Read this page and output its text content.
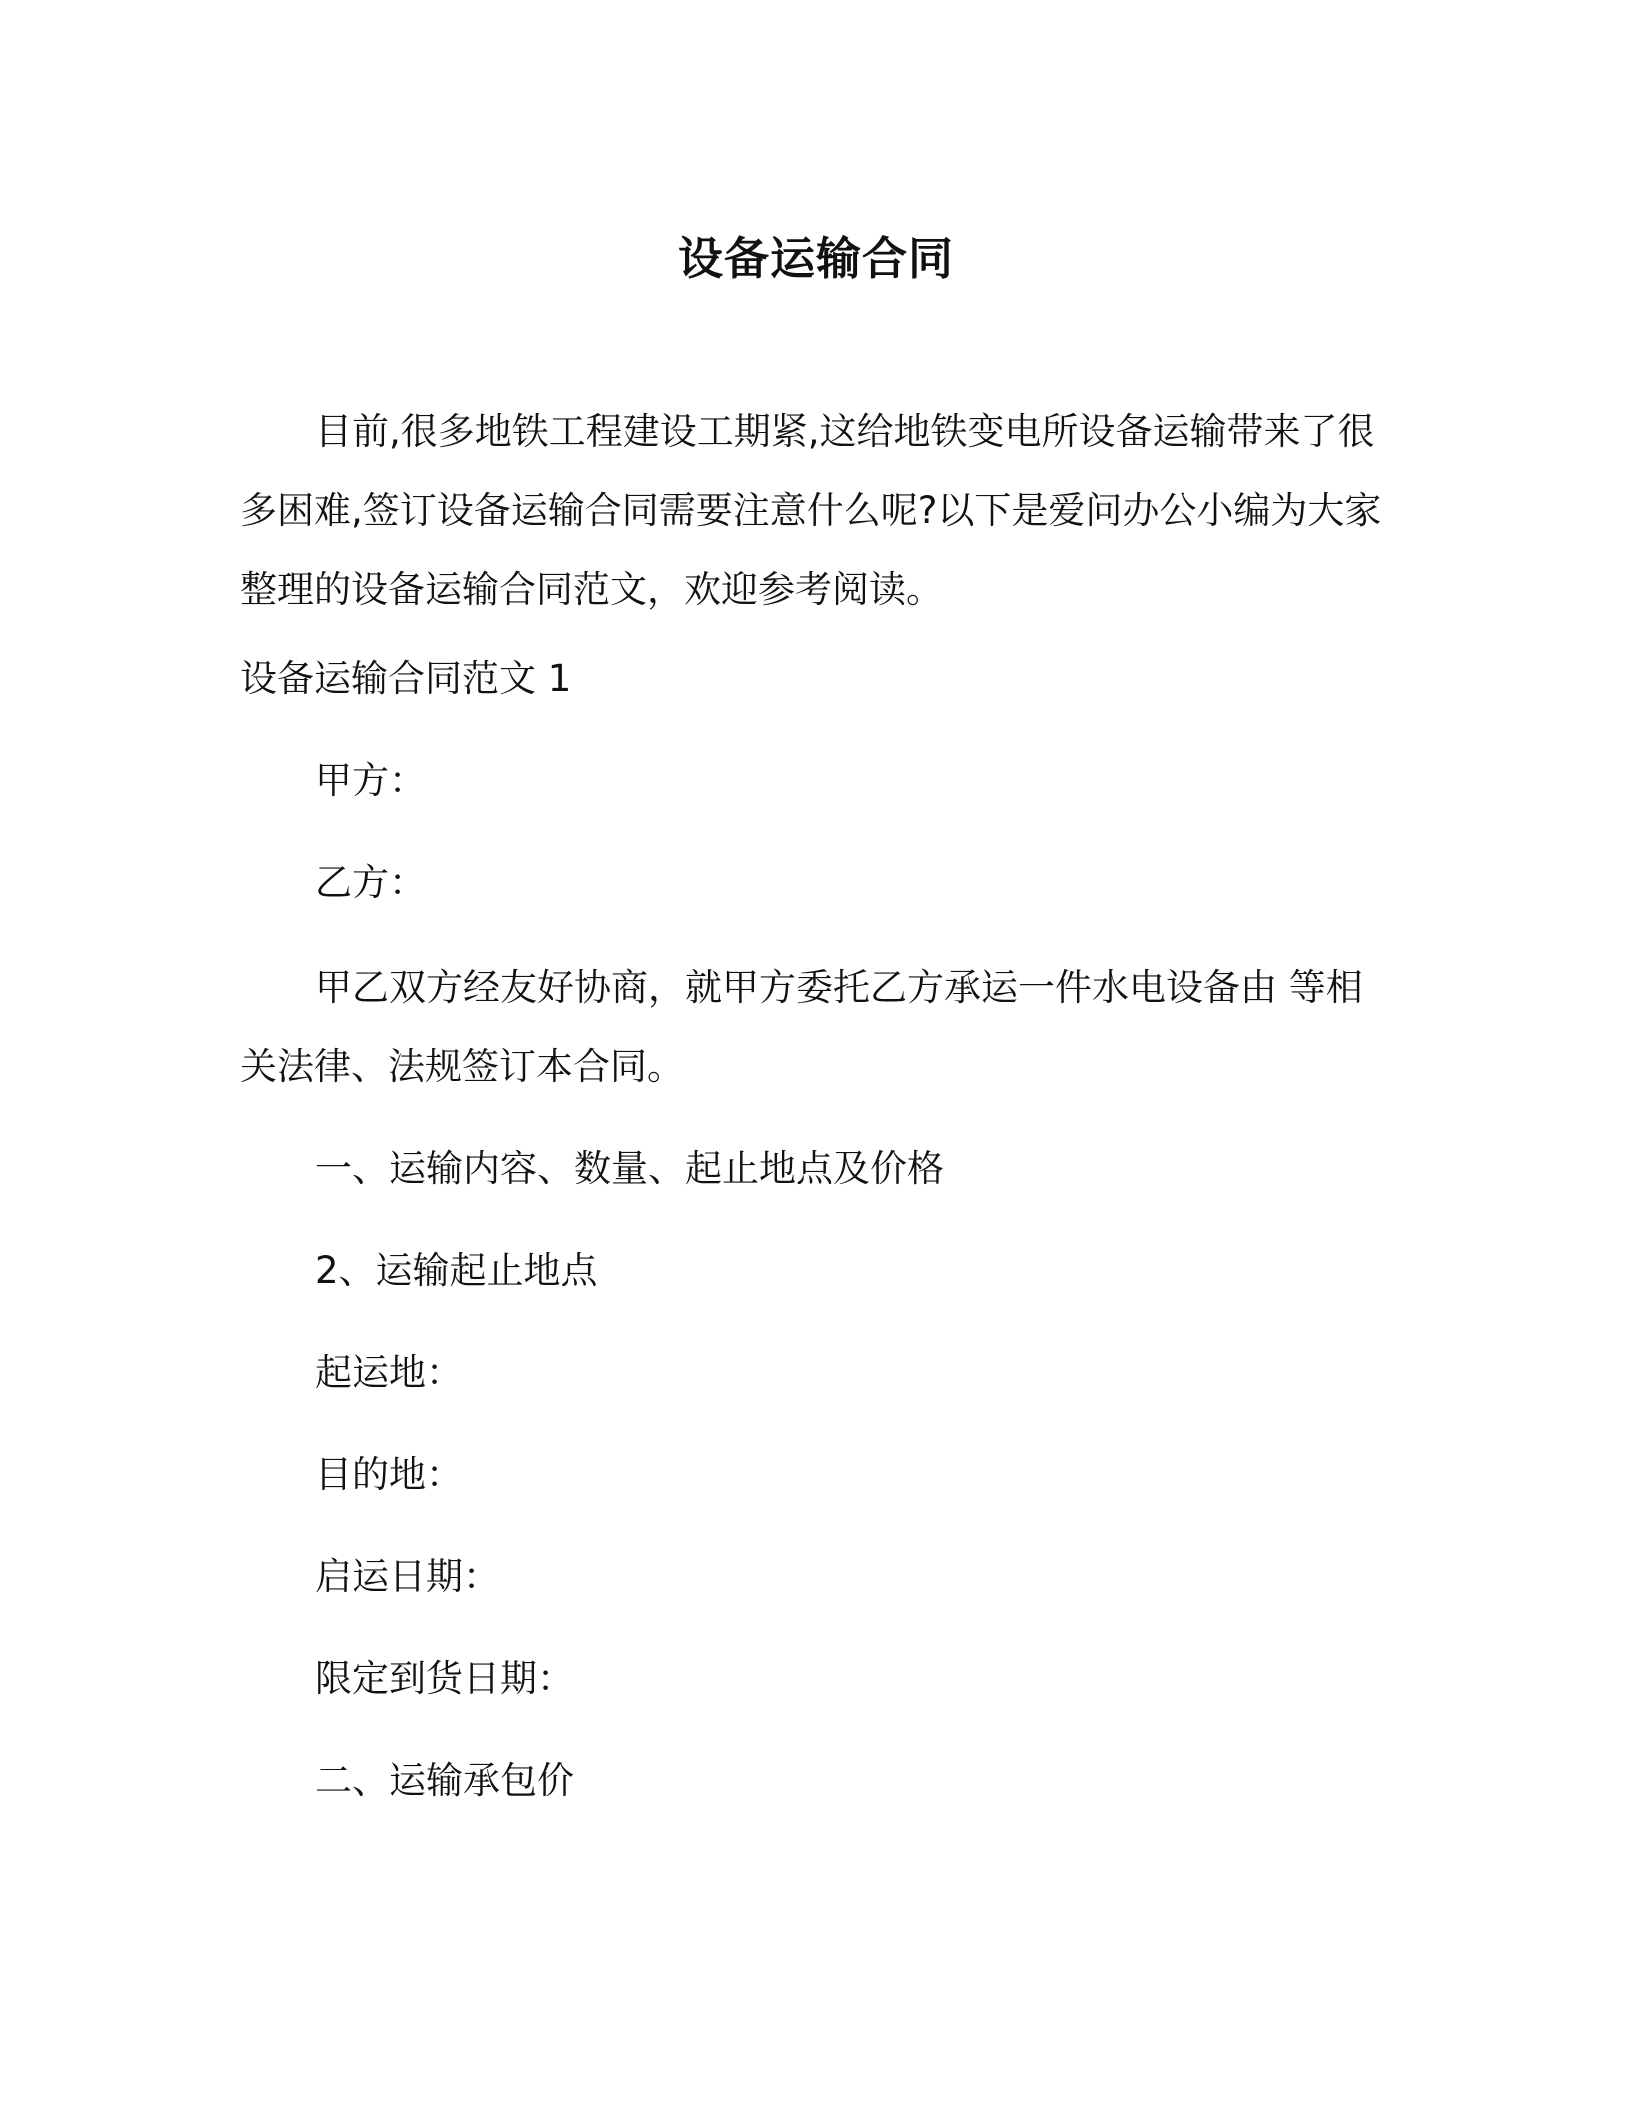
设备运输合同

目前,很多地铁工程建设工期紧,这给地铁变电所设备运输带来了很多困难,签订设备运输合同需要注意什么呢?以下是爱问办公小编为大家整理的设备运输合同范文，欢迎参考阅读。

设备运输合同范文 1

甲方：

乙方：

甲乙双方经友好协商，就甲方委托乙方承运一件水电设备由 等相关法律、法规签订本合同。

一、运输内容、数量、起止地点及价格

2、运输起止地点

起运地：

目的地：

启运日期：

限定到货日期：

二、运输承包价
